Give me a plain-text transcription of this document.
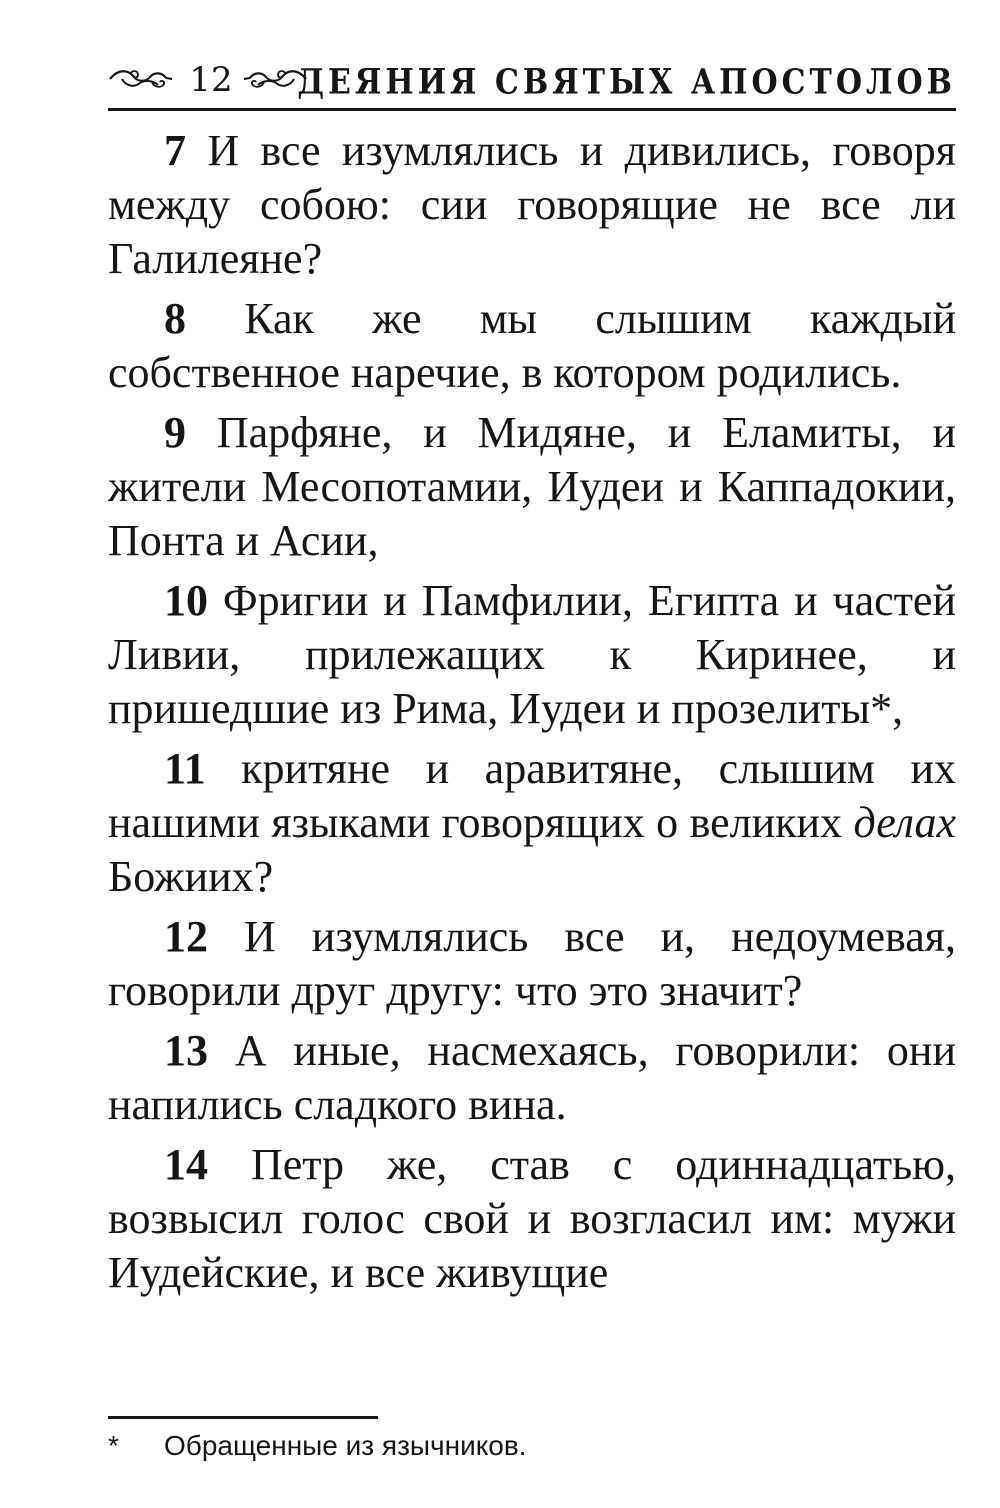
12 ДЕЯНИЯ СВЯТЫХ АПОСТОЛОВ

7 И все изумлялись и дивились, говоря между собою: сии говорящие не все ли Галилеяне?

8 Как же мы слышим каждый собственное наречие, в котором родились.

9 Парфяне, и Мидяне, и Еламиты, и жители Месопотамии, Иудеи и Каппадокии, Понта и Асии,

10 Фригии и Памфилии, Египта и частей Ливии, прилежащих к Киринее, и пришедшие из Рима, Иудеи и прозелиты*,

11 критяне и аравитяне, слышим их нашими языками говорящих о великих делах Божиих?

12 И изумлялись все и, недоумевая, говорили друг другу: что это значит?

13 А иные, насмехаясь, говорили: они напились сладкого вина.

14 Петр же, став с одиннадцатью, возвысил голос свой и возгласил им: мужи Иудейские, и все живущие

* Обращенные из язычников.
